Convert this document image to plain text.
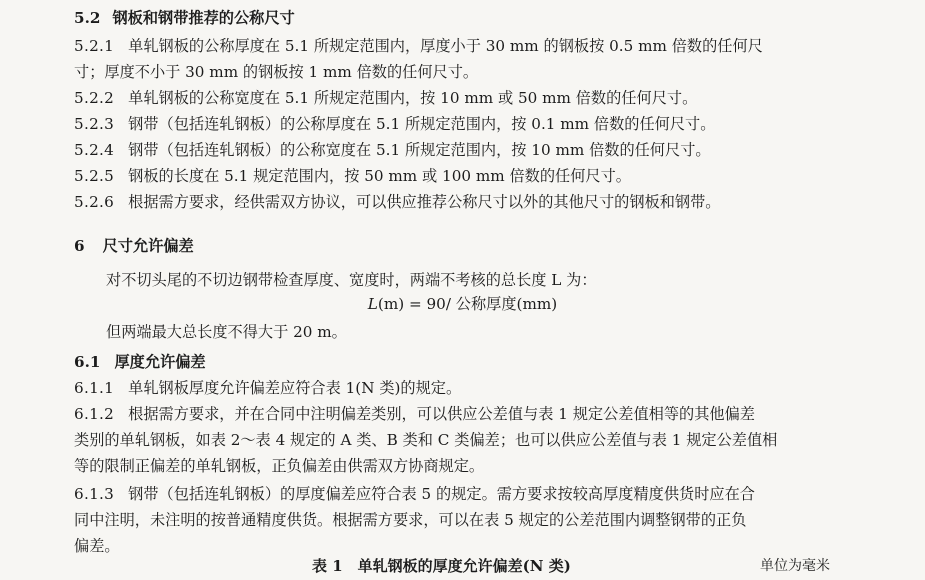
5.2 钢板和钢带推荐的公称尺寸
5.2.1 单轧钢板的公称厚度在 5.1 所规定范围内，厚度小于 30 mm 的钢板按 0.5 mm 倍数的任何尺
寸；厚度不小于 30 mm 的钢板按 1 mm 倍数的任何尺寸。
5.2.2 单轧钢板的公称宽度在 5.1 所规定范围内，按 10 mm 或 50 mm 倍数的任何尺寸。
5.2.3 钢带（包括连轧钢板）的公称厚度在 5.1 所规定范围内，按 0.1 mm 倍数的任何尺寸。
5.2.4 钢带（包括连轧钢板）的公称宽度在 5.1 所规定范围内，按 10 mm 倍数的任何尺寸。
5.2.5 钢板的长度在 5.1 规定范围内，按 50 mm 或 100 mm 倍数的任何尺寸。
5.2.6 根据需方要求，经供需双方协议，可以供应推荐公称尺寸以外的其他尺寸的钢板和钢带。
6 尺寸允许偏差
对不切头尾的不切边钢带检查厚度、宽度时，两端不考核的总长度 L 为：
L(m) = 90/ 公称厚度(mm)
但两端最大总长度不得大于 20 m。
6.1 厚度允许偏差
6.1.1 单轧钢板厚度允许偏差应符合表 1(N 类)的规定。
6.1.2 根据需方要求，并在合同中注明偏差类别，可以供应公差值与表 1 规定公差值相等的其他偏差
类别的单轧钢板，如表 2～表 4 规定的 A 类、B 类和 C 类偏差；也可以供应公差值与表 1 规定公差值相
等的限制正偏差的单轧钢板，正负偏差由供需双方协商规定。
6.1.3 钢带（包括连轧钢板）的厚度偏差应符合表 5 的规定。需方要求按较高厚度精度供货时应在合
同中注明，未注明的按普通精度供货。根据需方要求，可以在表 5 规定的公差范围内调整钢带的正负
偏差。
表 1　单轧钢板的厚度允许偏差(N 类)	单位为毫米
